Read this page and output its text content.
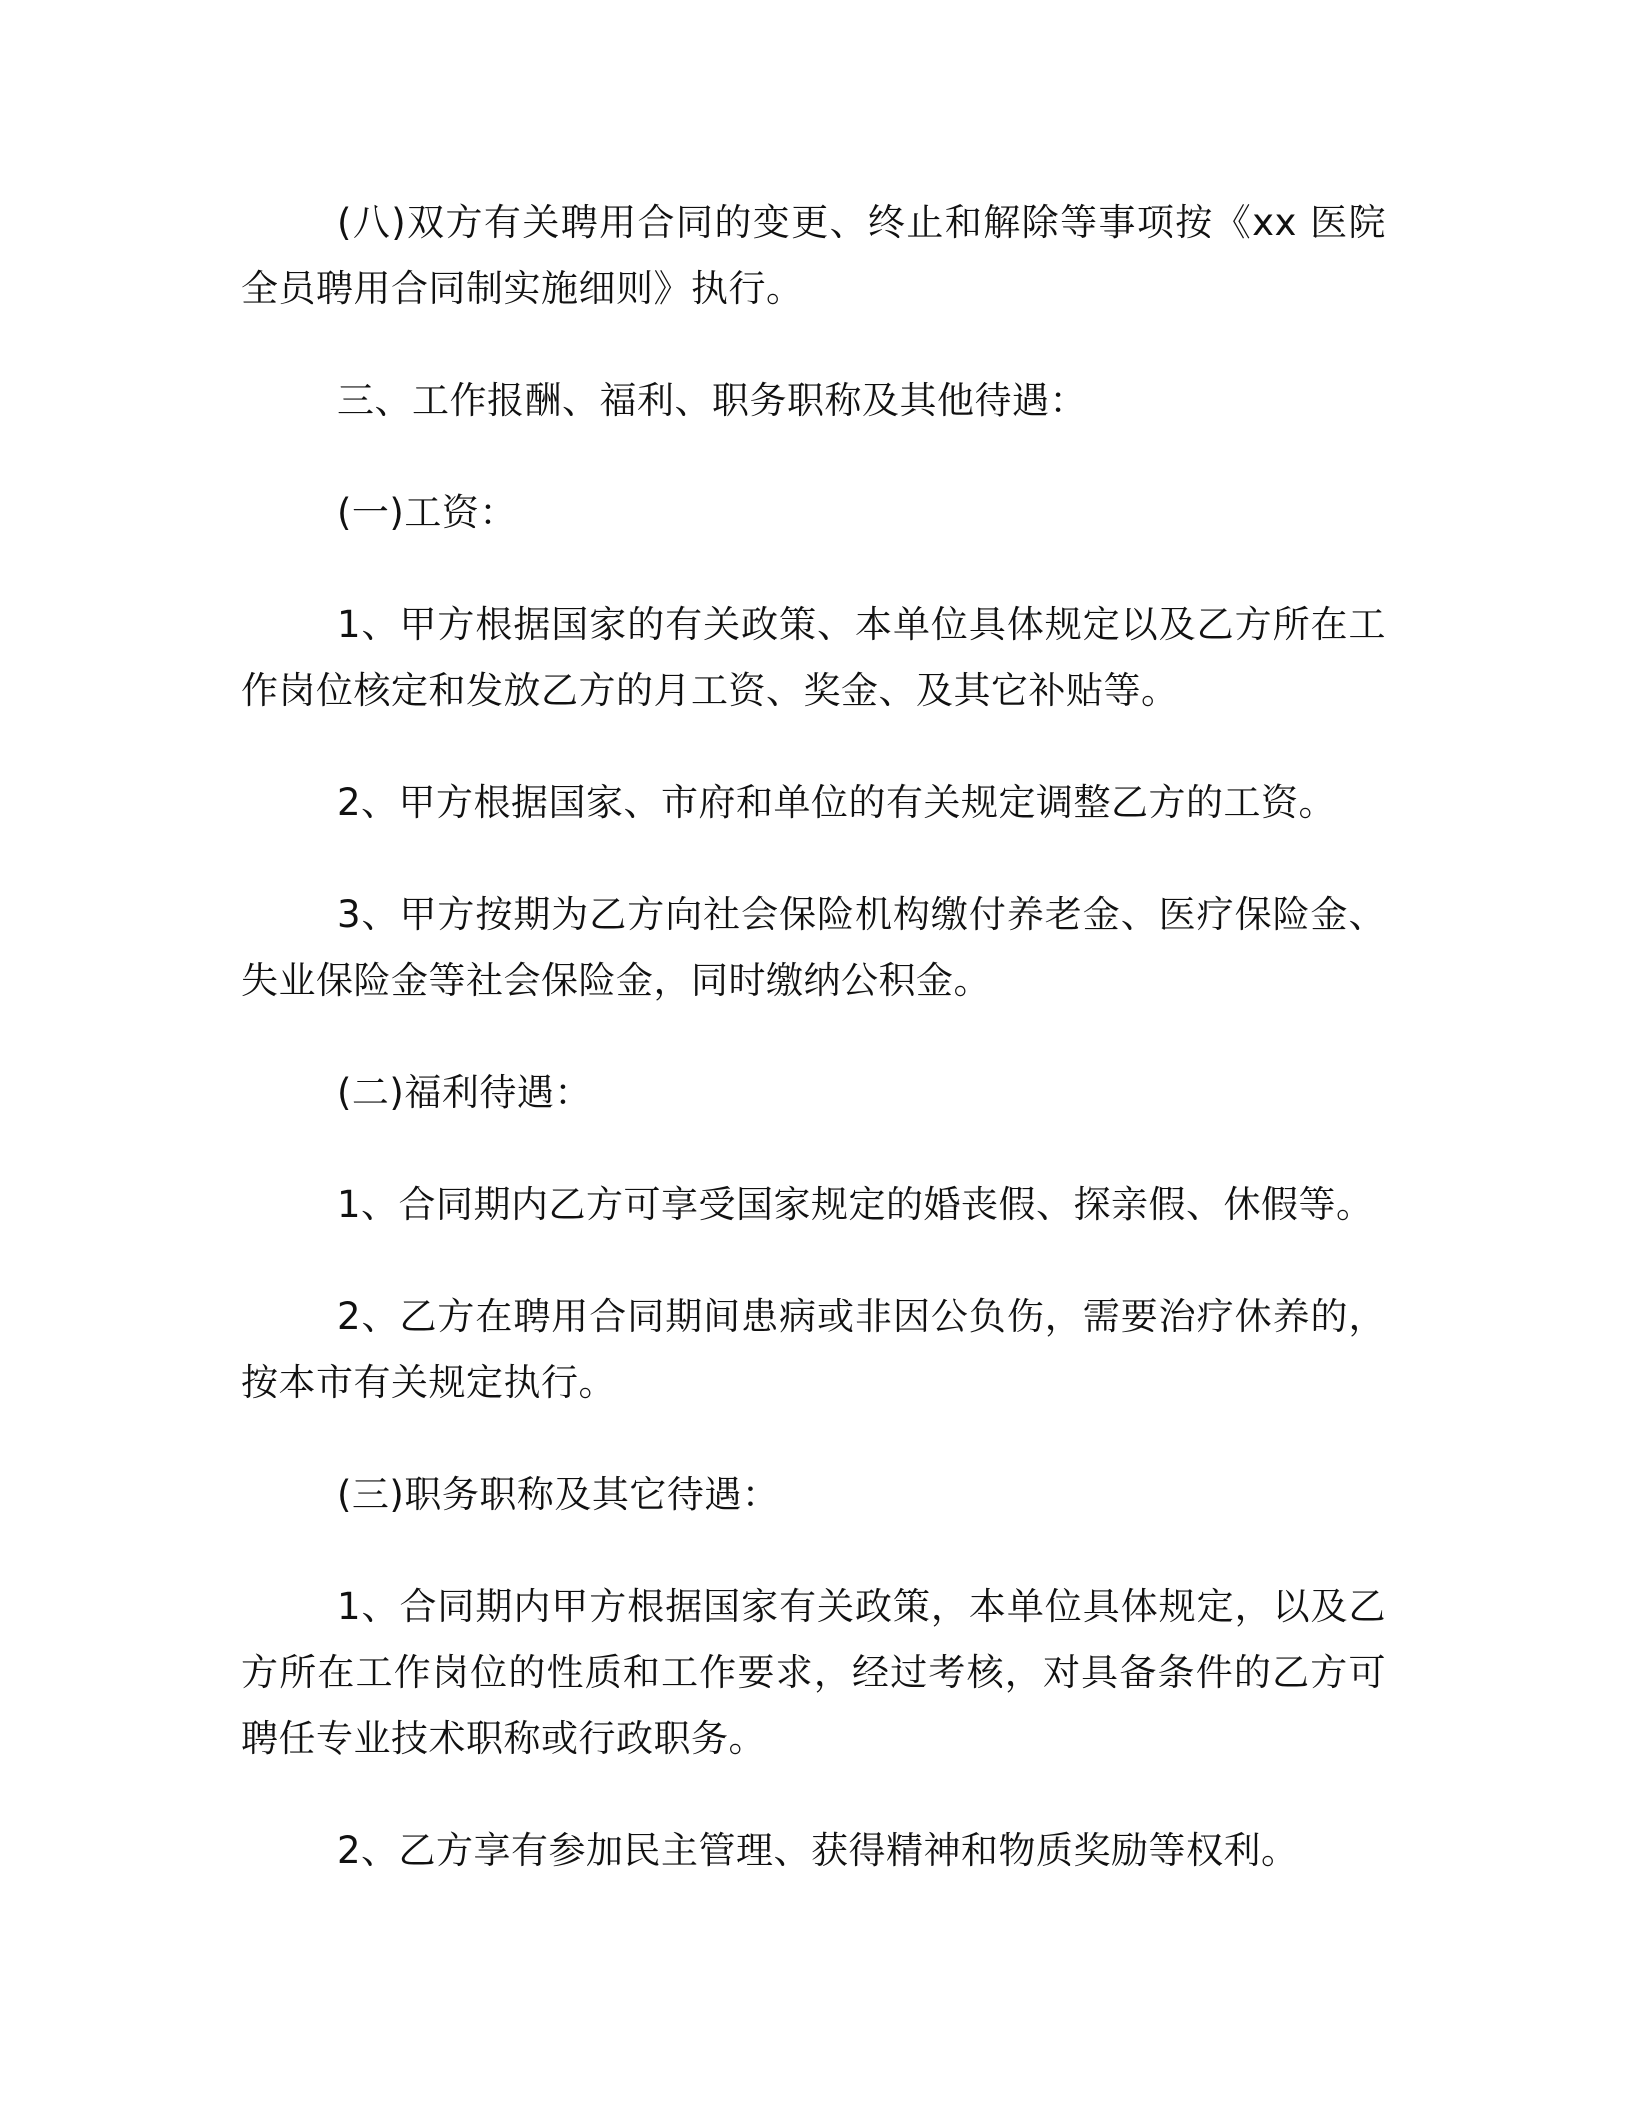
(八)双方有关聘用合同的变更、终止和解除等事项按《xx 医院全员聘用合同制实施细则》执行。

三、工作报酬、福利、职务职称及其他待遇：

(一)工资：

1、甲方根据国家的有关政策、本单位具体规定以及乙方所在工作岗位核定和发放乙方的月工资、奖金、及其它补贴等。

2、甲方根据国家、市府和单位的有关规定调整乙方的工资。

3、甲方按期为乙方向社会保险机构缴付养老金、医疗保险金、失业保险金等社会保险金，同时缴纳公积金。

(二)福利待遇：

1、合同期内乙方可享受国家规定的婚丧假、探亲假、休假等。

2、乙方在聘用合同期间患病或非因公负伤，需要治疗休养的，按本市有关规定执行。

(三)职务职称及其它待遇：

1、合同期内甲方根据国家有关政策，本单位具体规定，以及乙方所在工作岗位的性质和工作要求，经过考核，对具备条件的乙方可聘任专业技术职称或行政职务。

2、乙方享有参加民主管理、获得精神和物质奖励等权利。
